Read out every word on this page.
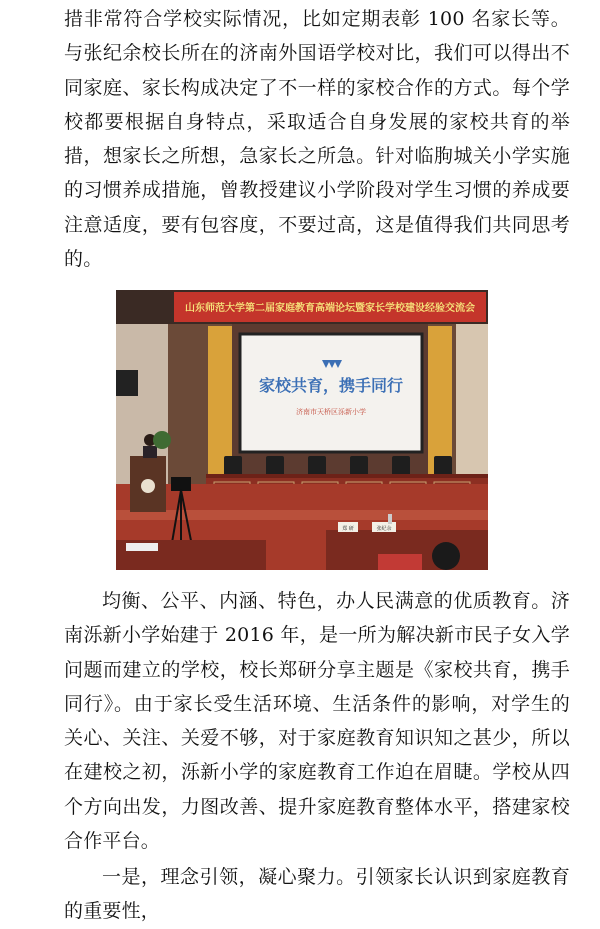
措非常符合学校实际情况，比如定期表彰 100 名家长等。与张纪余校长所在的济南外国语学校对比，我们可以得出不同家庭、家长构成决定了不一样的家校合作的方式。每个学校都要根据自身特点，采取适合自身发展的家校共育的举措，想家长之所想，急家长之所急。针对临朐城关小学实施的习惯养成措施，曾教授建议小学阶段对学生习惯的养成要注意适度，要有包容度，不要过高，这是值得我们共同思考的。

山东师范大学第二届家庭教育高端论坛暨家长学校建设经验交流会
家校共育，携手同行
济南市天桥区泺新小学
郑 研	张纪余

均衡、公平、内涵、特色，办人民满意的优质教育。济南泺新小学始建于 2016 年，是一所为解决新市民子女入学问题而建立的学校，校长郑研分享主题是《家校共育，携手同行》。由于家长受生活环境、生活条件的影响，对学生的关心、关注、关爱不够，对于家庭教育知识知之甚少，所以在建校之初，泺新小学的家庭教育工作迫在眉睫。学校从四个方向出发，力图改善、提升家庭教育整体水平，搭建家校合作平台。

一是，理念引领，凝心聚力。引领家长认识到家庭教育的重要性，
